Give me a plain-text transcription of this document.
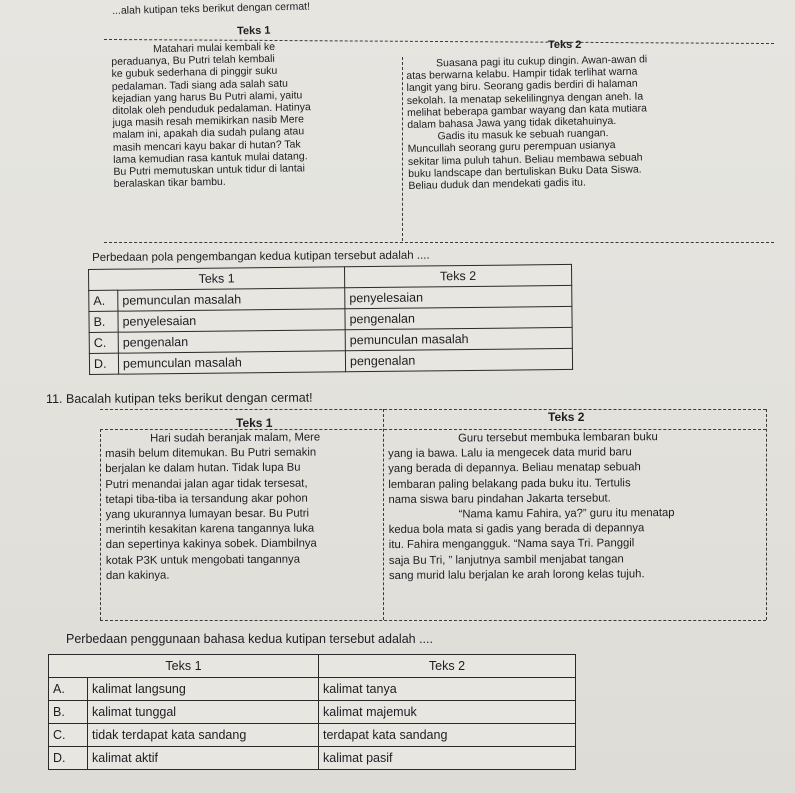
...alah kutipan teks berikut dengan cermat!
Teks 1
Teks 2

Matahari mulai kembali ke

peraduanya, Bu Putri telah kembali

ke gubuk sederhana di pinggir suku

pedalaman. Tadi siang ada salah satu

kejadian yang harus Bu Putri alami, yaitu

ditolak oleh penduduk pedalaman. Hatinya

juga masih resah memikirkan nasib Mere

malam ini, apakah dia sudah pulang atau

masih mencari kayu bakar di hutan? Tak

lama kemudian rasa kantuk mulai datang.

Bu Putri memutuskan untuk tidur di lantai

beralaskan tikar bambu.

Suasana pagi itu cukup dingin. Awan-awan di

atas berwarna kelabu. Hampir tidak terlihat warna

langit yang biru. Seorang gadis berdiri di halaman

sekolah. Ia menatap sekelilingnya dengan aneh. Ia

melihat beberapa gambar wayang dan kata mutiara

dalam bahasa Jawa yang tidak diketahuinya.

Gadis itu masuk ke sebuah ruangan.

Muncullah seorang guru perempuan usianya

sekitar lima puluh tahun. Beliau membawa sebuah

buku landscape dan bertuliskan Buku Data Siswa.

Beliau duduk dan mendekati gadis itu.

Perbedaan pola pengembangan kedua kutipan tersebut adalah ....
Teks 1		Teks 2
A.	pemunculan masalah	penyelesaian
B.	penyelesaian	pengenalan
C.	pengenalan	pemunculan masalah
D.	pemunculan masalah	pengenalan
11. Bacalah kutipan teks berikut dengan cermat!
Teks 1	Teks 2

Hari sudah beranjak malam, Mere

masih belum ditemukan. Bu Putri semakin

berjalan ke dalam hutan. Tidak lupa Bu

Putri menandai jalan agar tidak tersesat,

tetapi tiba-tiba ia tersandung akar pohon

yang ukurannya lumayan besar. Bu Putri

merintih kesakitan karena tangannya luka

dan sepertinya kakinya sobek. Diambilnya

kotak P3K untuk mengobati tangannya

dan kakinya.

Guru tersebut membuka lembaran buku

yang ia bawa. Lalu ia mengecek data murid baru

yang berada di depannya. Beliau menatap sebuah

lembaran paling belakang pada buku itu. Tertulis

nama siswa baru pindahan Jakarta tersebut.

“Nama kamu Fahira, ya?” guru itu menatap

kedua bola mata si gadis yang berada di depannya

itu. Fahira mengangguk. “Nama saya Tri. Panggil

saja Bu Tri, ” lanjutnya sambil menjabat tangan

sang murid lalu berjalan ke arah lorong kelas tujuh.

Perbedaan penggunaan bahasa kedua kutipan tersebut adalah ....
Teks 1		Teks 2
A.	kalimat langsung	kalimat tanya
B.	kalimat tunggal	kalimat majemuk
C.	tidak terdapat kata sandang	terdapat kata sandang
D.	kalimat aktif	kalimat pasif
